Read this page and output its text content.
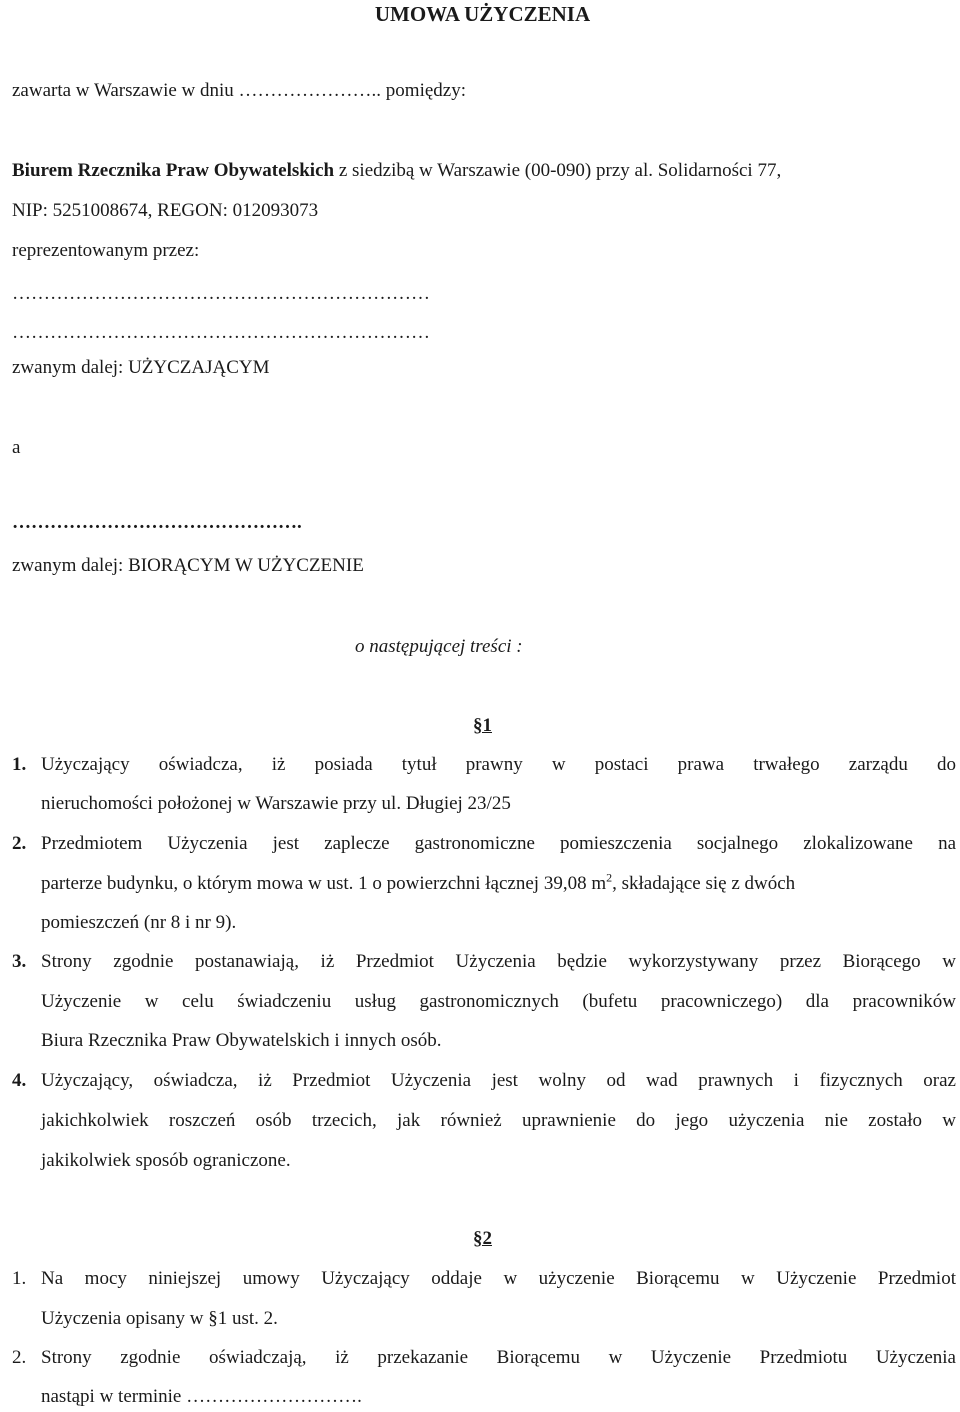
UMOWA UŻYCZENIA
zawarta w Warszawie w dniu ………………….. pomiędzy:
Biurem Rzecznika Praw Obywatelskich z siedzibą w Warszawie (00-090) przy al. Solidarności 77,
NIP: 5251008674, REGON: 012093073
reprezentowanym przez:
…………………………………………………………
…………………………………………………………
zwanym dalej: UŻYCZAJĄCYM
a
……………………………………….
zwanym dalej: BIORĄCYM W UŻYCZENIE
o następującej treści :
§1
1. Użyczający oświadcza, iż posiada tytuł prawny w postaci prawa trwałego zarządu do
nieruchomości położonej w Warszawie przy ul. Długiej 23/25
2. Przedmiotem Użyczenia jest zaplecze gastronomiczne pomieszczenia socjalnego zlokalizowane na
parterze budynku, o którym mowa w ust. 1 o powierzchni łącznej 39,08 $m^2$, składające się z dwóch
pomieszczeń (nr 8 i nr 9).
3. Strony zgodnie postanawiają, iż Przedmiot Użyczenia będzie wykorzystywany przez Biorącego w
Użyczenie w celu świadczeniu usług gastronomicznych (bufetu pracowniczego) dla pracowników
Biura Rzecznika Praw Obywatelskich i innych osób.
4. Użyczający, oświadcza, iż Przedmiot Użyczenia jest wolny od wad prawnych i fizycznych oraz
jakichkolwiek roszczeń osób trzecich, jak również uprawnienie do jego użyczenia nie zostało w
jakikolwiek sposób ograniczone.
§2
1. Na mocy niniejszej umowy Użyczający oddaje w użyczenie Biorącemu w Użyczenie Przedmiot
Użyczenia opisany w §1 ust. 2.
2. Strony zgodnie oświadczają, iż przekazanie Biorącemu w Użyczenie Przedmiotu Użyczenia
nastąpi w terminie ……………………….
